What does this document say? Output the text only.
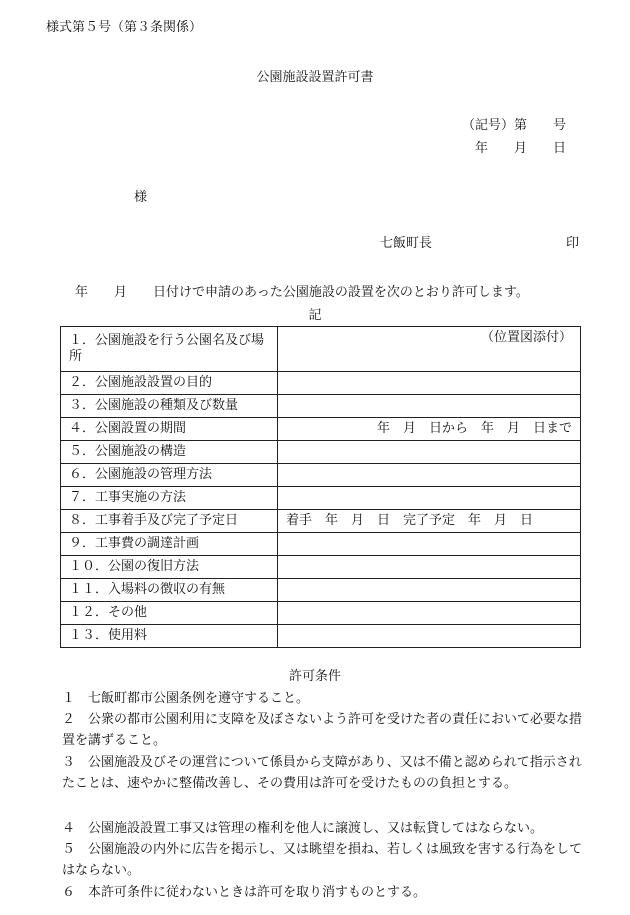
様式第５号（第３条関係）
公園施設設置許可書
（記号）第　　号
年　　月　　日
様
七飯町長	印
年　　月　　日付けで申請のあった公園施設の設置を次のとおり許可します。
記
１．公園施設を行う公園名及び場所	（位置図添付）
２．公園施設設置の目的	
３．公園施設の種類及び数量	
４．公園設置の期間	年　月　日から　年　月　日まで
５．公園施設の構造	
６．公園施設の管理方法	
７．工事実施の方法	
８．工事着手及び完了予定日	着手　年　月　日　完了予定　年　月　日
９．工事費の調達計画	
１０．公園の復旧方法	
１１．入場料の徴収の有無	
１２．その他	
１３．使用料	
許可条件
１ 七飯町都市公園条例を遵守すること。
２ 公衆の都市公園利用に支障を及ぼさないよう許可を受けた者の責任において必要な措置を講ずること。
３ 公園施設及びその運営について係員から支障があり、又は不備と認められて指示されたことは、速やかに整備改善し、その費用は許可を受けたものの負担とする。
４ 公園施設設置工事又は管理の権利を他人に譲渡し、又は転貸してはならない。
５ 公園施設の内外に広告を掲示し、又は眺望を損ね、若しくは風致を害する行為をしてはならない。
６ 本許可条件に従わないときは許可を取り消すものとする。
